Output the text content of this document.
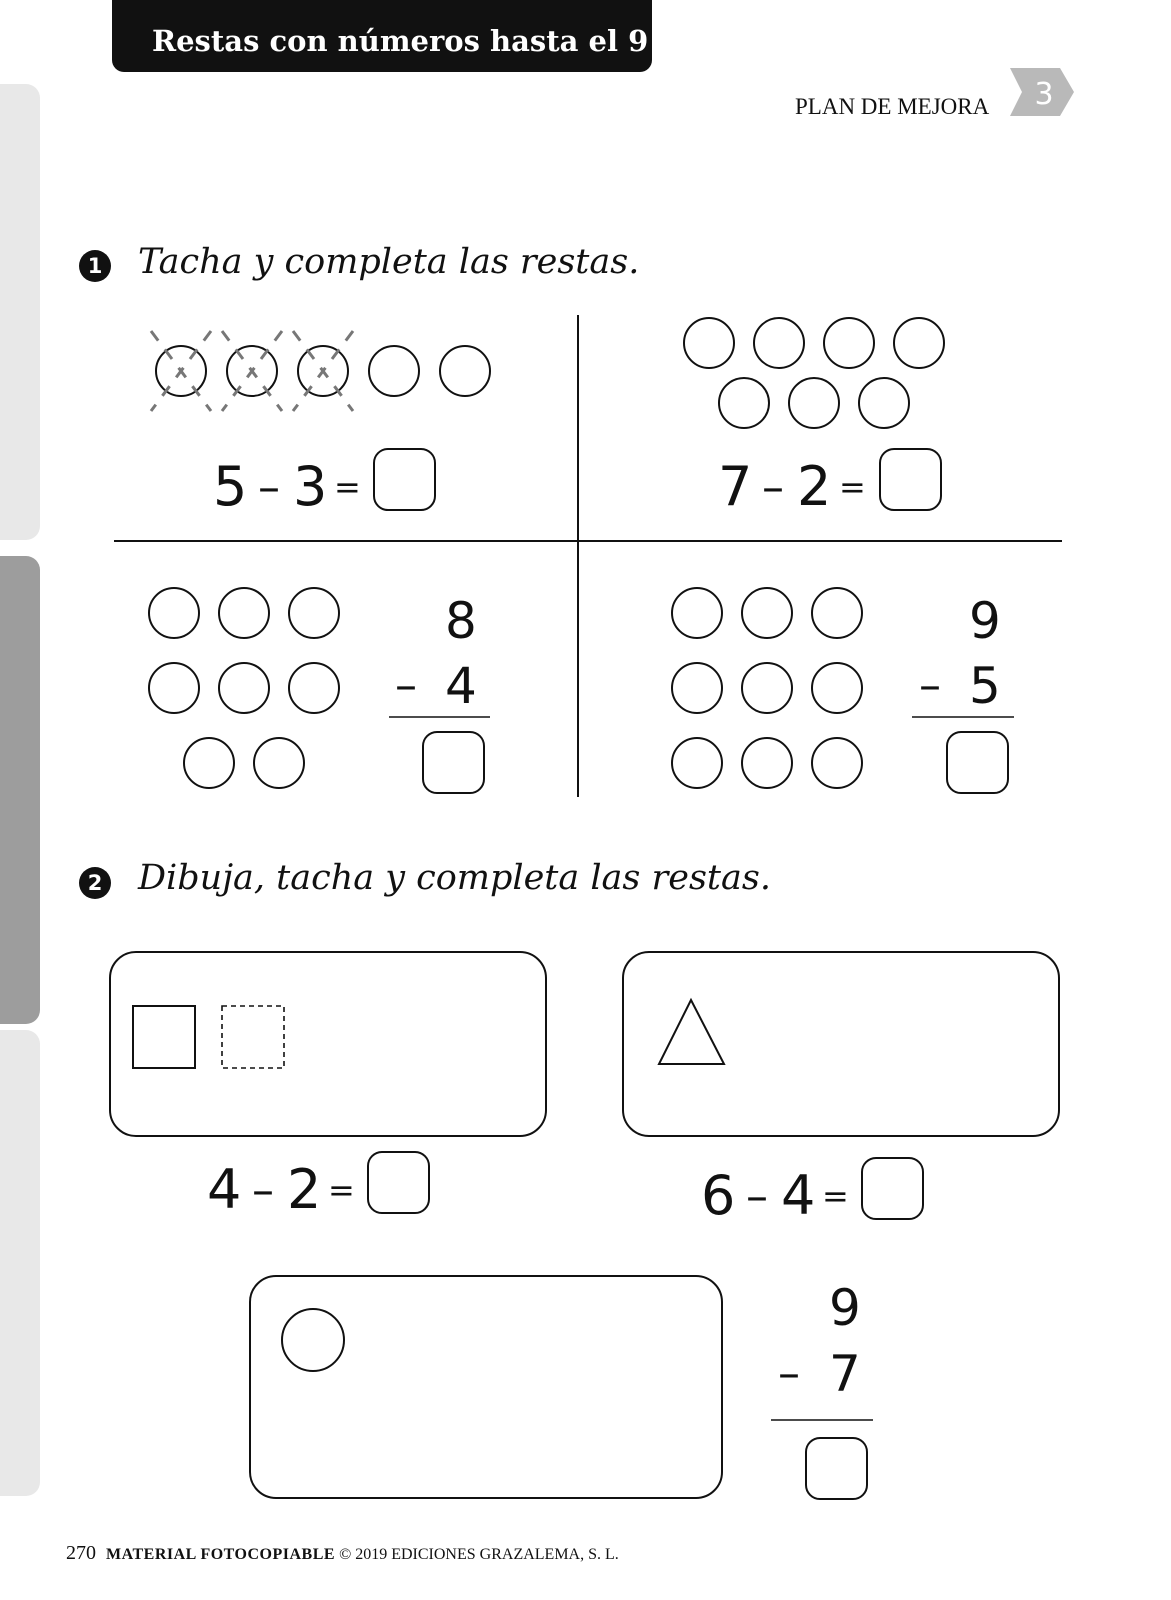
Restas con números hasta el 9
PLAN DE MEJORA 3
1 Tacha y completa las restas.
5 – 3 =	7 – 2 =
8
– 4
9
– 5
2 Dibuja, tacha y completa las restas.
4 – 2 =	6 – 4 =
9
– 7
270 MATERIAL FOTOCOPIABLE © 2019 EDICIONES GRAZALEMA, S. L.
